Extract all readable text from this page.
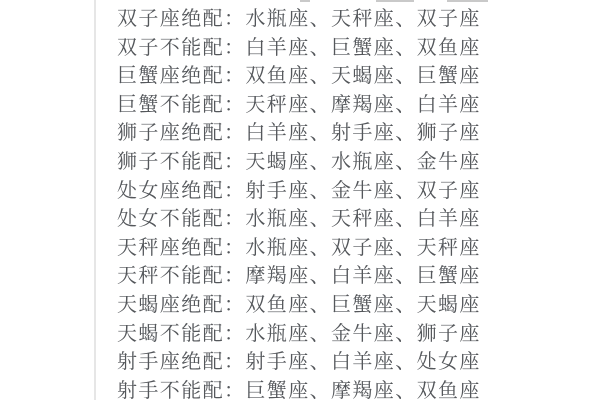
双子座绝配：水瓶座、天秤座、双子座
双子不能配：白羊座、巨蟹座、双鱼座
巨蟹座绝配：双鱼座、天蝎座、巨蟹座
巨蟹不能配：天秤座、摩羯座、白羊座
狮子座绝配：白羊座、射手座、狮子座
狮子不能配：天蝎座、水瓶座、金牛座
处女座绝配：射手座、金牛座、双子座
处女不能配：水瓶座、天秤座、白羊座
天秤座绝配：水瓶座、双子座、天秤座
天秤不能配：摩羯座、白羊座、巨蟹座
天蝎座绝配：双鱼座、巨蟹座、天蝎座
天蝎不能配：水瓶座、金牛座、狮子座
射手座绝配：射手座、白羊座、处女座
射手不能配：巨蟹座、摩羯座、双鱼座
